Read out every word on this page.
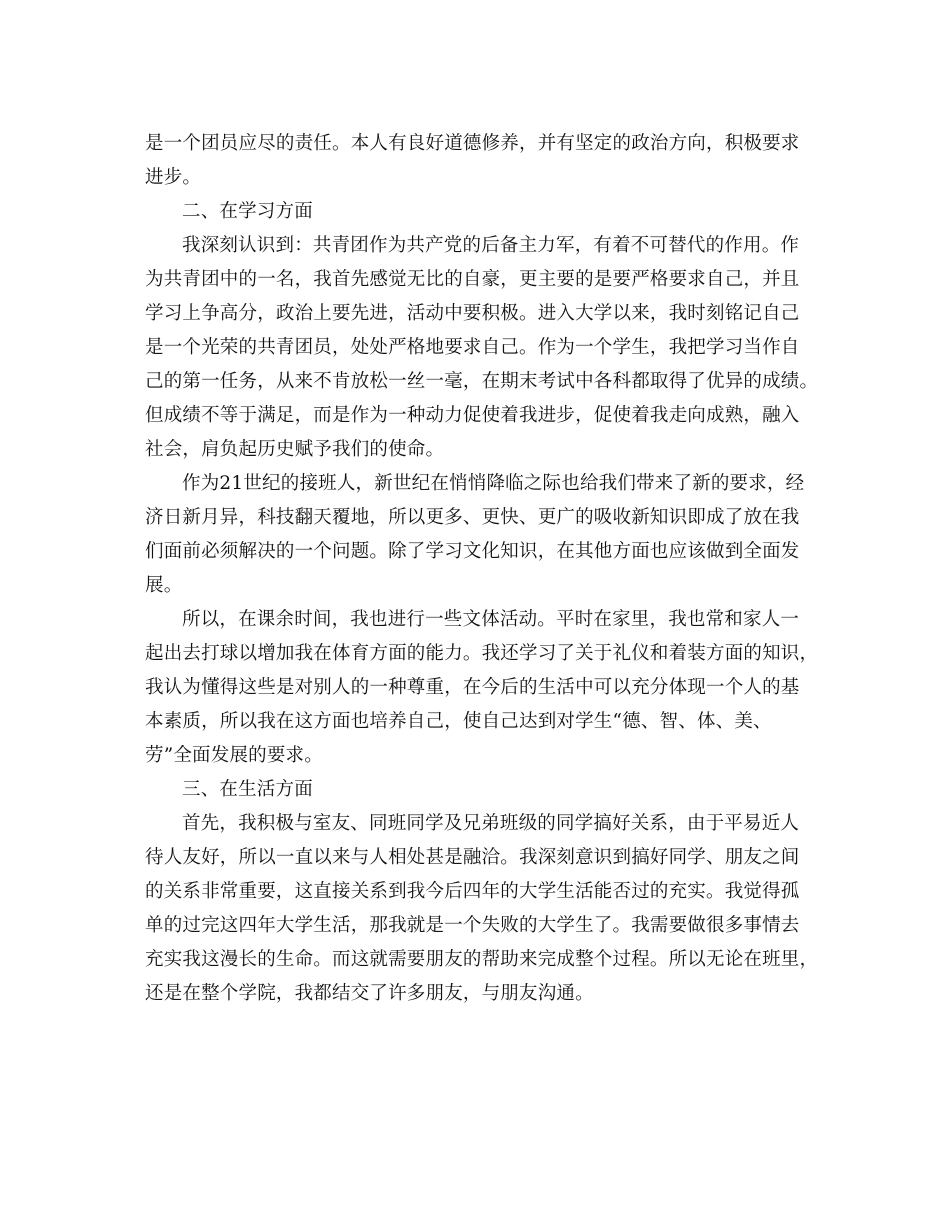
是一个团员应尽的责任。本人有良好道德修养，并有坚定的政治方向，积极要求
进步。
二、在学习方面
我深刻认识到：共青团作为共产党的后备主力军，有着不可替代的作用。作
为共青团中的一名，我首先感觉无比的自豪，更主要的是要严格要求自己，并且
学习上争高分，政治上要先进，活动中要积极。进入大学以来，我时刻铭记自己
是一个光荣的共青团员，处处严格地要求自己。作为一个学生，我把学习当作自
己的第一任务，从来不肯放松一丝一毫，在期末考试中各科都取得了优异的成绩。
但成绩不等于满足，而是作为一种动力促使着我进步，促使着我走向成熟，融入
社会，肩负起历史赋予我们的使命。
作为21世纪的接班人，新世纪在悄悄降临之际也给我们带来了新的要求，经
济日新月异，科技翻天覆地，所以更多、更快、更广的吸收新知识即成了放在我
们面前必须解决的一个问题。除了学习文化知识，在其他方面也应该做到全面发
展。
所以，在课余时间，我也进行一些文体活动。平时在家里，我也常和家人一
起出去打球以增加我在体育方面的能力。我还学习了关于礼仪和着装方面的知识，
我认为懂得这些是对别人的一种尊重，在今后的生活中可以充分体现一个人的基
本素质，所以我在这方面也培养自己，使自己达到对学生“德、智、体、美、
劳”全面发展的要求。
三、在生活方面
首先，我积极与室友、同班同学及兄弟班级的同学搞好关系，由于平易近人
待人友好，所以一直以来与人相处甚是融洽。我深刻意识到搞好同学、朋友之间
的关系非常重要，这直接关系到我今后四年的大学生活能否过的充实。我觉得孤
单的过完这四年大学生活，那我就是一个失败的大学生了。我需要做很多事情去
充实我这漫长的生命。而这就需要朋友的帮助来完成整个过程。所以无论在班里，
还是在整个学院，我都结交了许多朋友，与朋友沟通。
